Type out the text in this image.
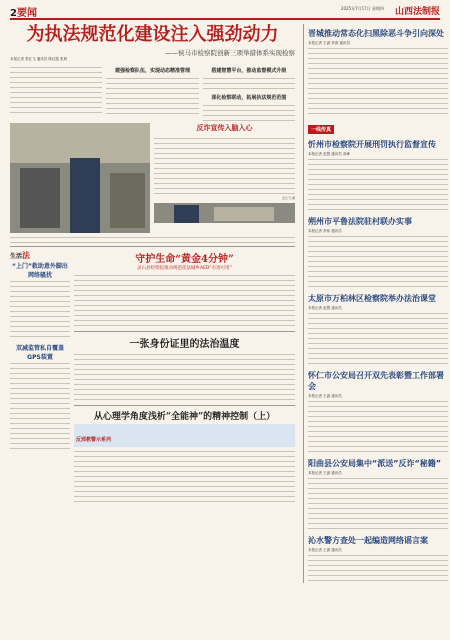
2要闻	2025年7月17日 星期四 山西法制报
为执法规范化建设注入强劲动力
——侯马市检察院创新三项举措体系实现检察
本报记者 张红飞 通讯员 陈红霞 张晨
建强检察队伍，实现动态精准管理	搭建智慧平台，推动监督模式升级
深化检察联动，拓展执法规范范围
反诈宣传入脑入心
张红飞 摄
生活法
“上门”救助意外脚出网络骚扰
双减监管私自覆盖GPS装置
守护生命“黄金4分钟”
灵石县检察院推动规范依法城乡AED“有迹可用”
一张身份证里的法治温度
从心理学角度浅析“全能神”的精神控制（上）
反邪教警示系列
晋城推动常态化扫黑除恶斗争引向深处
本报记者 王湛 李涛 通讯员
一线传真
忻州市检察院开展刑罚执行监督宣传
本报记者 赵慧 通讯员 高峰
朔州市平鲁法院驻村联办实事
本报记者 李伟 通讯员
太原市万柏林区检察院举办法治课堂
本报记者 赵慧 通讯员
怀仁市公安局召开双先表彰暨工作部署会
本报记者 王湛 通讯员
阳曲县公安局集中“派送”反诈“秘籍”
本报记者 王湛 通讯员
沁水警方查处一起编造网络谣言案
本报记者 王湛 通讯员
